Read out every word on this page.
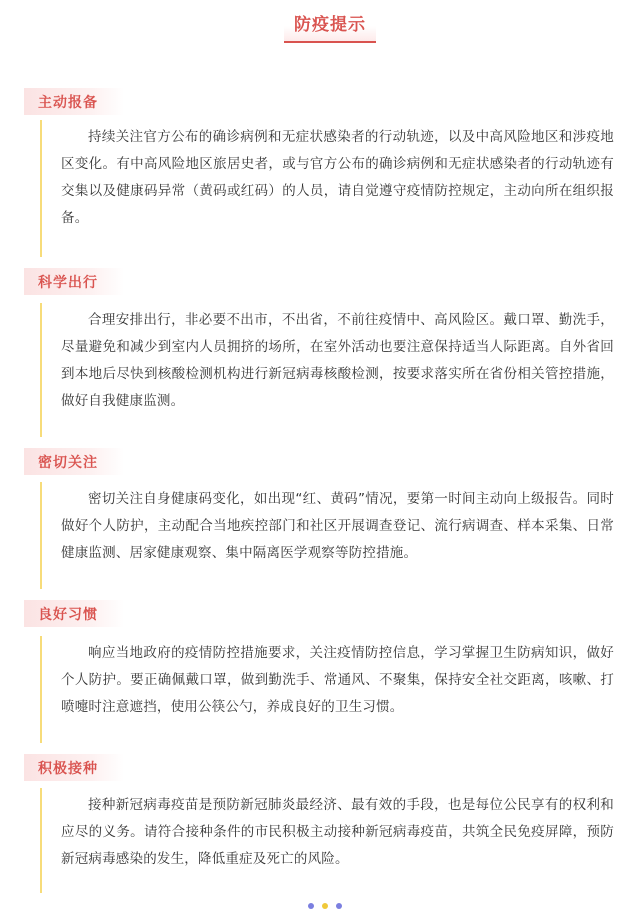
防疫提示
主动报备

持续关注官方公布的确诊病例和无症状感染者的行动轨迹，以及中高风险地区和涉疫地区变化。有中高风险地区旅居史者，或与官方公布的确诊病例和无症状感染者的行动轨迹有交集以及健康码异常（黄码或红码）的人员，请自觉遵守疫情防控规定，主动向所在组织报备。

科学出行

合理安排出行，非必要不出市，不出省，不前往疫情中、高风险区。戴口罩、勤洗手，尽量避免和减少到室内人员拥挤的场所，在室外活动也要注意保持适当人际距离。自外省回到本地后尽快到核酸检测机构进行新冠病毒核酸检测，按要求落实所在省份相关管控措施，做好自我健康监测。

密切关注

密切关注自身健康码变化，如出现“红、黄码”情况，要第一时间主动向上级报告。同时做好个人防护，主动配合当地疾控部门和社区开展调查登记、流行病调查、样本采集、日常健康监测、居家健康观察、集中隔离医学观察等防控措施。

良好习惯

响应当地政府的疫情防控措施要求，关注疫情防控信息，学习掌握卫生防病知识，做好个人防护。要正确佩戴口罩，做到勤洗手、常通风、不聚集，保持安全社交距离，咳嗽、打喷嚏时注意遮挡，使用公筷公勺，养成良好的卫生习惯。

积极接种

接种新冠病毒疫苗是预防新冠肺炎最经济、最有效的手段，也是每位公民享有的权利和应尽的义务。请符合接种条件的市民积极主动接种新冠病毒疫苗，共筑全民免疫屏障，预防新冠病毒感染的发生，降低重症及死亡的风险。
